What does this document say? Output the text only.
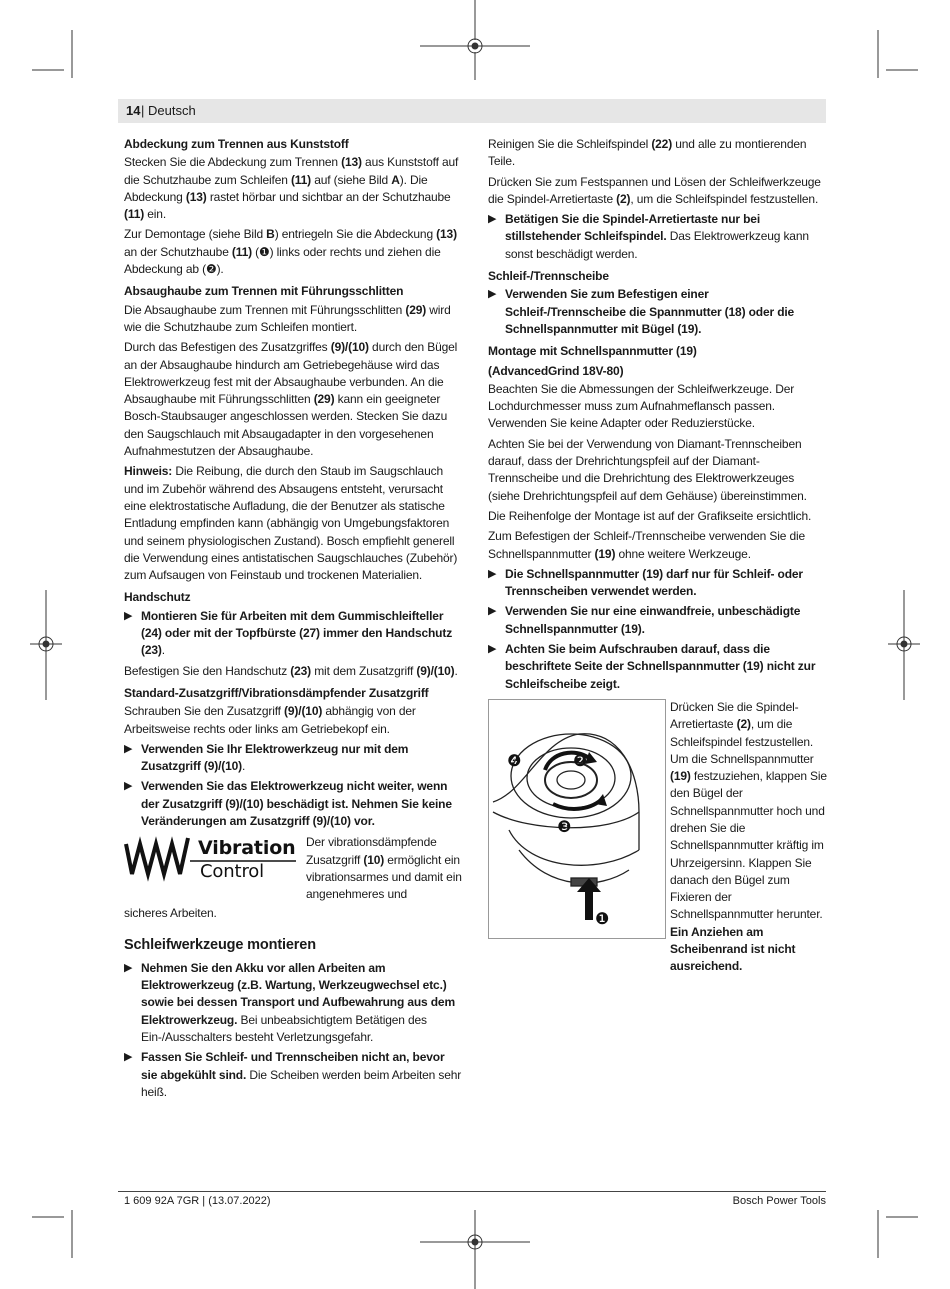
14 | Deutsch
Abdeckung zum Trennen aus Kunststoff

Stecken Sie die Abdeckung zum Trennen (13) aus Kunststoff auf die Schutzhaube zum Schleifen (11) auf (siehe Bild A). Die Abdeckung (13) rastet hörbar und sichtbar an der Schutzhaube (11) ein.

Zur Demontage (siehe Bild B) entriegeln Sie die Abdeckung (13) an der Schutzhaube (11) (❶) links oder rechts und ziehen die Abdeckung ab (❷).

Absaughaube zum Trennen mit Führungsschlitten

Die Absaughaube zum Trennen mit Führungsschlitten (29) wird wie die Schutzhaube zum Schleifen montiert.

Durch das Befestigen des Zusatzgriffes (9)/(10) durch den Bügel an der Absaughaube hindurch am Getriebegehäuse wird das Elektrowerkzeug fest mit der Absaughaube verbunden. An die Absaughaube mit Führungsschlitten (29) kann ein geeigneter Bosch-Staubsauger angeschlossen werden. Stecken Sie dazu den Saugschlauch mit Absaugadapter in den vorgesehenen Aufnahmestutzen der Absaughaube.

Hinweis: Die Reibung, die durch den Staub im Saugschlauch und im Zubehör während des Absaugens entsteht, verursacht eine elektrostatische Aufladung, die der Benutzer als statische Entladung empfinden kann (abhängig von Umgebungsfaktoren und seinem physiologischen Zustand). Bosch empfiehlt generell die Verwendung eines antistatischen Saugschlauches (Zubehör) zum Aufsaugen von Feinstaub und trockenen Materialien.

Handschutz
▶ Montieren Sie für Arbeiten mit dem Gummischleifteller (24) oder mit der Topfbürste (27) immer den Handschutz (23).

Befestigen Sie den Handschutz (23) mit dem Zusatzgriff (9)/(10).

Standard-Zusatzgriff/Vibrationsdämpfender Zusatzgriff

Schrauben Sie den Zusatzgriff (9)/(10) abhängig von der Arbeitsweise rechts oder links am Getriebekopf ein.

▶ Verwenden Sie Ihr Elektrowerkzeug nur mit dem Zusatzgriff (9)/(10).
▶ Verwenden Sie das Elektrowerkzeug nicht weiter, wenn der Zusatzgriff (9)/(10) beschädigt ist. Nehmen Sie keine Veränderungen am Zusatzgriff (9)/(10) vor.
Vibration
Control
Der vibrationsdämpfende Zusatzgriff (10) ermöglicht ein vibrationsarmes und damit ein angenehmeres und

sicheres Arbeiten.

Schleifwerkzeuge montieren
▶ Nehmen Sie den Akku vor allen Arbeiten am Elektrowerkzeug (z.B. Wartung, Werkzeugwechsel etc.) sowie bei dessen Transport und Aufbewahrung aus dem Elektrowerkzeug. Bei unbeabsichtigtem Betätigen des Ein-/Ausschalters besteht Verletzungsgefahr.
▶ Fassen Sie Schleif- und Trennscheiben nicht an, bevor sie abgekühlt sind. Die Scheiben werden beim Arbeiten sehr heiß.

Reinigen Sie die Schleifspindel (22) und alle zu montierenden Teile.

Drücken Sie zum Festspannen und Lösen der Schleifwerkzeuge die Spindel-Arretiertaste (2), um die Schleifspindel festzustellen.

▶ Betätigen Sie die Spindel-Arretiertaste nur bei stillstehender Schleifspindel. Das Elektrowerkzeug kann sonst beschädigt werden.
Schleif-/Trennscheibe
▶ Verwenden Sie zum Befestigen einer Schleif-/Trennscheibe die Spannmutter (18) oder die Schnellspannmutter mit Bügel (19).
Montage mit Schnellspannmutter (19)
(AdvancedGrind 18V-80)

Beachten Sie die Abmessungen der Schleifwerkzeuge. Der Lochdurchmesser muss zum Aufnahmeflansch passen. Verwenden Sie keine Adapter oder Reduzierstücke.

Achten Sie bei der Verwendung von Diamant-Trennscheiben darauf, dass der Drehrichtungspfeil auf der Diamant-Trennscheibe und die Drehrichtung des Elektrowerkzeuges (siehe Drehrichtungspfeil auf dem Gehäuse) übereinstimmen.

Die Reihenfolge der Montage ist auf der Grafikseite ersichtlich.

Zum Befestigen der Schleif-/Trennscheibe verwenden Sie die Schnellspannmutter (19) ohne weitere Werkzeuge.

▶ Die Schnellspannmutter (19) darf nur für Schleif- oder Trennscheiben verwendet werden.
▶ Verwenden Sie nur eine einwandfreie, unbeschädigte Schnellspannmutter (19).
▶ Achten Sie beim Aufschrauben darauf, dass die beschriftete Seite der Schnellspannmutter (19) nicht zur Schleifscheibe zeigt.
❹	❷
❸
❶
Drücken Sie die Spindel-Arretiertaste (2), um die Schleifspindel festzustellen. Um die Schnellspannmutter (19) festzuziehen, klappen Sie den Bügel der Schnellspannmutter hoch und drehen Sie die Schnellspannmutter kräftig im Uhrzeigersinn. Klappen Sie danach den Bügel zum Fixieren der Schnellspannmutter herunter. Ein Anziehen am Scheibenrand ist nicht ausreichend.
1 609 92A 7GR | (13.07.2022)	Bosch Power Tools
